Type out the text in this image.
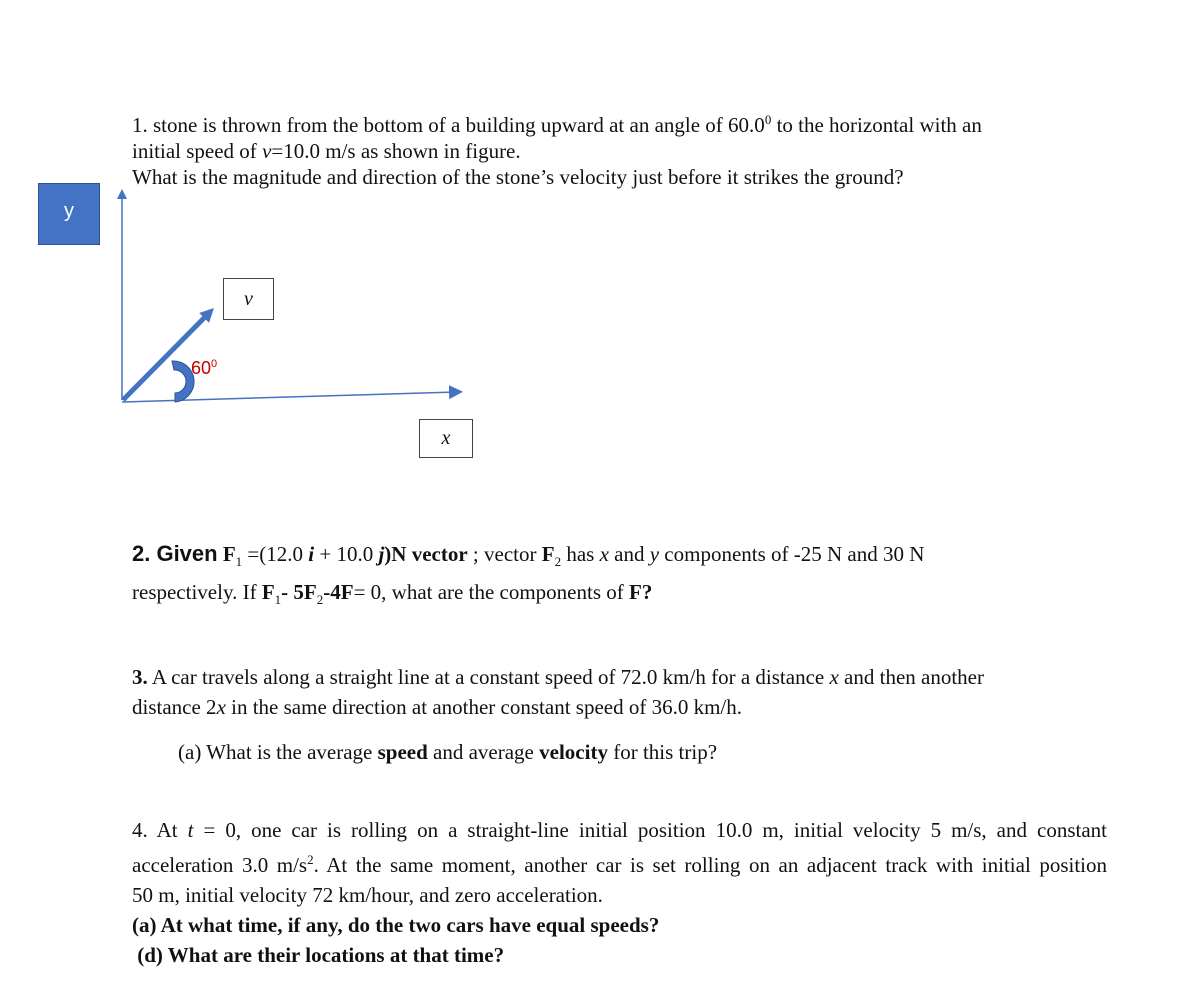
1. stone is thrown from the bottom of a building upward at an angle of 60.0$^0$ to the horizontal with an

initial speed of v=10.0 m/s as shown in figure.

What is the magnitude and direction of the stone’s velocity just before it strikes the ground?

y
v
x
$60^0$

2. Given $F_1 =(12.0$ i + 10.0 j)N vector ; vector $F_2$ has x and y components of -25 N and 30 N

respectively. If $F_1-$ $5F_2-4F= 0$, what are the components of F?

3. A car travels along a straight line at a constant speed of 72.0 km/h for a distance x and then another

distance 2x in the same direction at another constant speed of 36.0 km/h.

(a) What is the average speed and average velocity for this trip?
4. At t = 0, one car is rolling on a straight-line initial position 10.0 m, initial velocity 5 m/s, and constant
acceleration 3.0 $m/s^2$. At the same moment, another car is set rolling on an adjacent track with initial position
50 m, initial velocity 72 km/hour, and zero acceleration.
(a) At what time, if any, do the two cars have equal speeds?
(d) What are their locations at that time?
